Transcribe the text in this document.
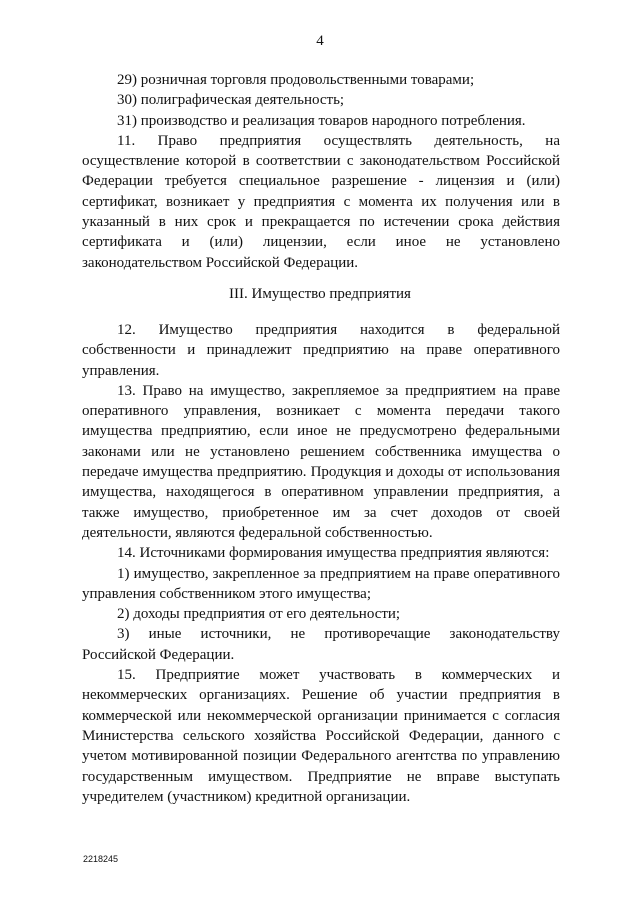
4

29) розничная торговля продовольственными товарами;

30) полиграфическая деятельность;

31) производство и реализация товаров народного потребления.

11. Право предприятия осуществлять деятельность, на осуществление которой в соответствии с законодательством Российской Федерации требуется специальное разрешение - лицензия и (или) сертификат, возникает у предприятия с момента их получения или в указанный в них срок и прекращается по истечении срока действия сертификата и (или) лицензии, если иное не установлено законодательством Российской Федерации.

III. Имущество предприятия

12. Имущество предприятия находится в федеральной собственности и принадлежит предприятию на праве оперативного управления.

13. Право на имущество, закрепляемое за предприятием на праве оперативного управления, возникает с момента передачи такого имущества предприятию, если иное не предусмотрено федеральными законами или не установлено решением собственника имущества о передаче имущества предприятию. Продукция и доходы от использования имущества, находящегося в оперативном управлении предприятия, а также имущество, приобретенное им за счет доходов от своей деятельности, являются федеральной собственностью.

14. Источниками формирования имущества предприятия являются:

1) имущество, закрепленное за предприятием на праве оперативного управления собственником этого имущества;

2) доходы предприятия от его деятельности;

3) иные источники, не противоречащие законодательству Российской Федерации.

15. Предприятие может участвовать в коммерческих и некоммерческих организациях. Решение об участии предприятия в коммерческой или некоммерческой организации принимается с согласия Министерства сельского хозяйства Российской Федерации, данного с учетом мотивированной позиции Федерального агентства по управлению государственным имуществом. Предприятие не вправе выступать учредителем (участником) кредитной организации.

2218245
